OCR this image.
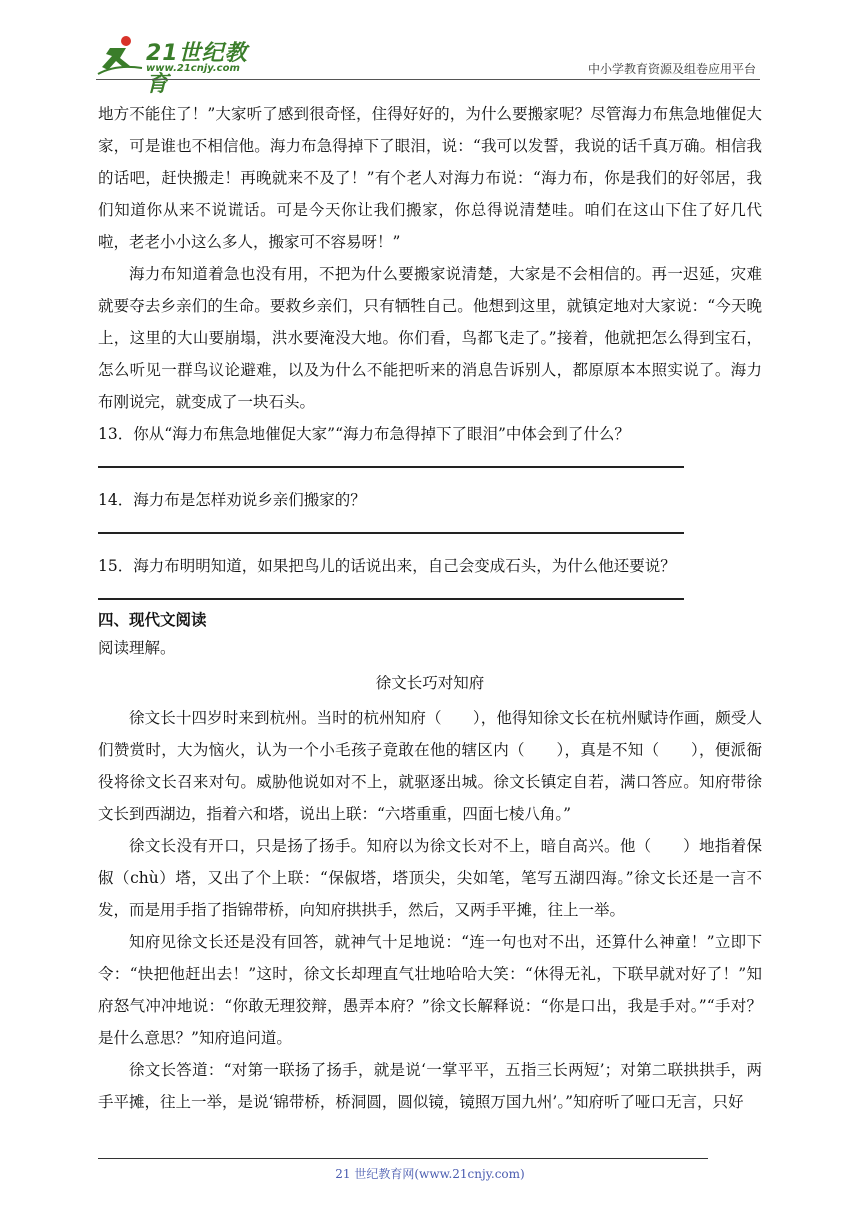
21世纪教育
www.21cnjy.com	中小学教育资源及组卷应用平台

地方不能住了！”大家听了感到很奇怪，住得好好的，为什么要搬家呢？尽管海力布焦急地催促大家，可是谁也不相信他。海力布急得掉下了眼泪，说：“我可以发誓，我说的话千真万确。相信我的话吧，赶快搬走！再晚就来不及了！”有个老人对海力布说：“海力布，你是我们的好邻居，我们知道你从来不说谎话。可是今天你让我们搬家，你总得说清楚哇。咱们在这山下住了好几代啦，老老小小这么多人，搬家可不容易呀！”

海力布知道着急也没有用，不把为什么要搬家说清楚，大家是不会相信的。再一迟延，灾难就要夺去乡亲们的生命。要救乡亲们，只有牺牲自己。他想到这里，就镇定地对大家说：“今天晚上，这里的大山要崩塌，洪水要淹没大地。你们看，鸟都飞走了。”接着，他就把怎么得到宝石，怎么听见一群鸟议论避难，以及为什么不能把听来的消息告诉别人，都原原本本照实说了。海力布刚说完，就变成了一块石头。

13．你从“海力布焦急地催促大家”“海力布急得掉下了眼泪”中体会到了什么？

14．海力布是怎样劝说乡亲们搬家的？

15．海力布明明知道，如果把鸟儿的话说出来，自己会变成石头，为什么他还要说？

四、现代文阅读

阅读理解。

徐文长巧对知府

徐文长十四岁时来到杭州。当时的杭州知府（　　），他得知徐文长在杭州赋诗作画，颇受人们赞赏时，大为恼火，认为一个小毛孩子竟敢在他的辖区内（　　），真是不知（　　），便派衙役将徐文长召来对句。威胁他说如对不上，就驱逐出城。徐文长镇定自若，满口答应。知府带徐文长到西湖边，指着六和塔，说出上联：“六塔重重，四面七棱八角。”

徐文长没有开口，只是扬了扬手。知府以为徐文长对不上，暗自高兴。他（　　）地指着保俶（chù）塔，又出了个上联：“保俶塔，塔顶尖，尖如笔，笔写五湖四海。”徐文长还是一言不发，而是用手指了指锦带桥，向知府拱拱手，然后，又两手平摊，往上一举。

知府见徐文长还是没有回答，就神气十足地说：“连一句也对不出，还算什么神童！”立即下令：“快把他赶出去！”这时，徐文长却理直气壮地哈哈大笑：“休得无礼，下联早就对好了！”知府怒气冲冲地说：“你敢无理狡辩，愚弄本府？”徐文长解释说：“你是口出，我是手对。”“手对？是什么意思？”知府追问道。

徐文长答道：“对第一联扬了扬手，就是说‘一掌平平，五指三长两短’；对第二联拱拱手，两手平摊，往上一举，是说‘锦带桥，桥洞圆，圆似镜，镜照万国九州’。”知府听了哑口无言，只好

21 世纪教育网(www.21cnjy.com)
